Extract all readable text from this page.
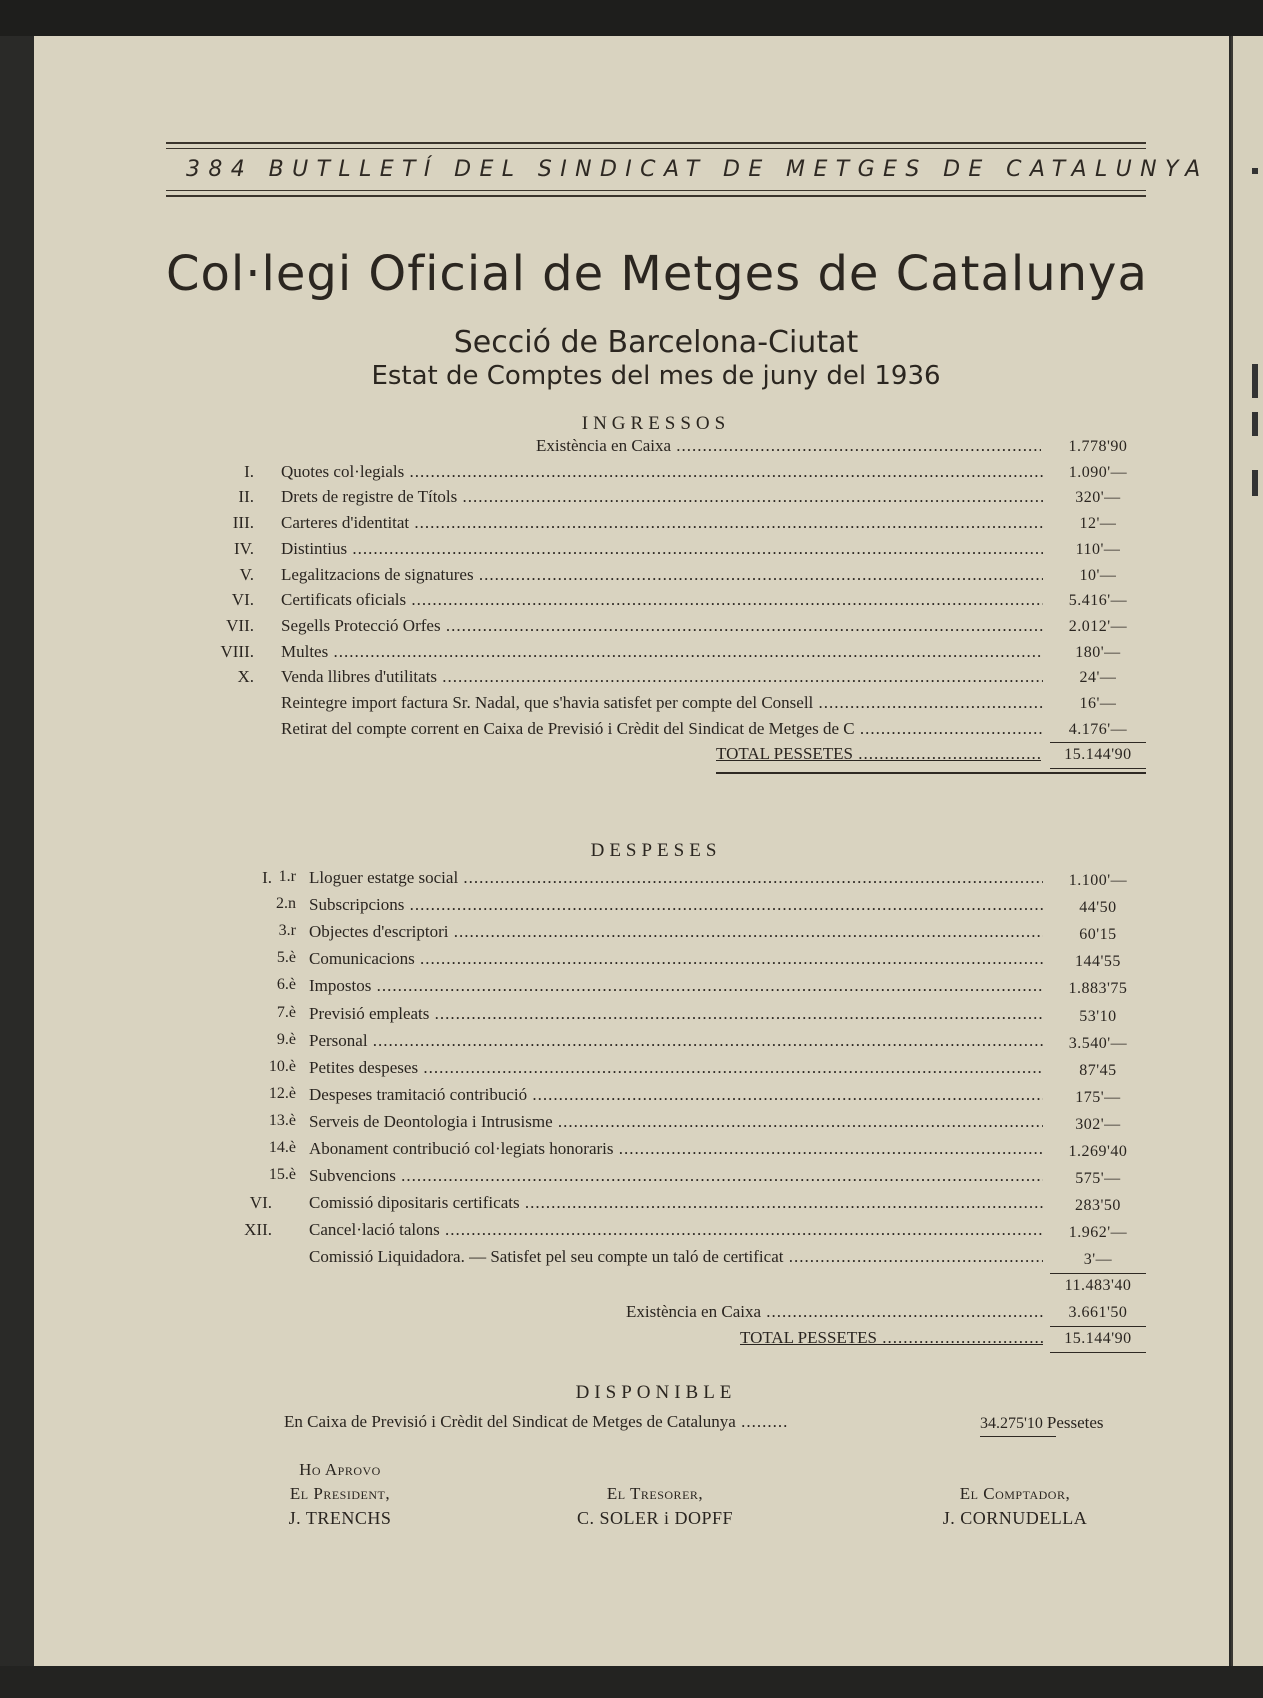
384 BUTLLETÍ DEL SINDICAT DE METGES DE CATALUNYA
Col·legi Oficial de Metges de Catalunya
Secció de Barcelona-Ciutat
Estat de Comptes del mes de juny del 1936
INGRESSOS
Existència en Caixa .....	1.778'90
I. Quotes col·legials .....	1.090'—
II. Drets de registre de Títols .....	320'—
III. Carteres d'identitat .....	12'—
IV. Distintius .....	110'—
V. Legalitzacions de signatures .....	10'—
VI. Certificats oficials .....	5.416'—
VII. Segells Protecció Orfes .....	2.012'—
VIII. Multes .....	180'—
X. Venda llibres d'utilitats .....	24'—
Reintegre import factura Sr. Nadal, que s'havia satisfet per compte del Consell .....	16'—
Retirat del compte corrent en Caixa de Previsió i Crèdit del Sindicat de Metges de C .....	4.176'—
TOTAL PESSETES .....	15.144'90
DESPESES
I. 1.r Lloguer estatge social .....	1.100'—
2.n Subscripcions .....	44'50
3.r Objectes d'escriptori .....	60'15
5.è Comunicacions .....	144'55
6.è Impostos .....	1.883'75
7.è Previsió empleats .....	53'10
9.è Personal .....	3.540'—
10.è Petites despeses .....	87'45
12.è Despeses tramitació contribució .....	175'—
13.è Serveis de Deontologia i Intrusisme .....	302'—
14.è Abonament contribució col·legiats honoraris .....	1.269'40
15.è Subvencions .....	575'—
VI. Comissió dipositaris certificats .....	283'50
XII. Cancel·lació talons .....	1.962'—
Comissió Liquidadora. — Satisfet pel seu compte un taló de certificat .....	3'—
11.483'40
Existència en Caixa .....	3.661'50
TOTAL PESSETES .....	15.144'90
DISPONIBLE
En Caixa de Previsió i Crèdit del Sindicat de Metges de Catalunya .........	34.275'10 Pessetes
Ho Aprovo
El President,
J. TRENCHS
El Tresorer,
C. SOLER i DOPFF
El Comptador,
J. CORNUDELLA
